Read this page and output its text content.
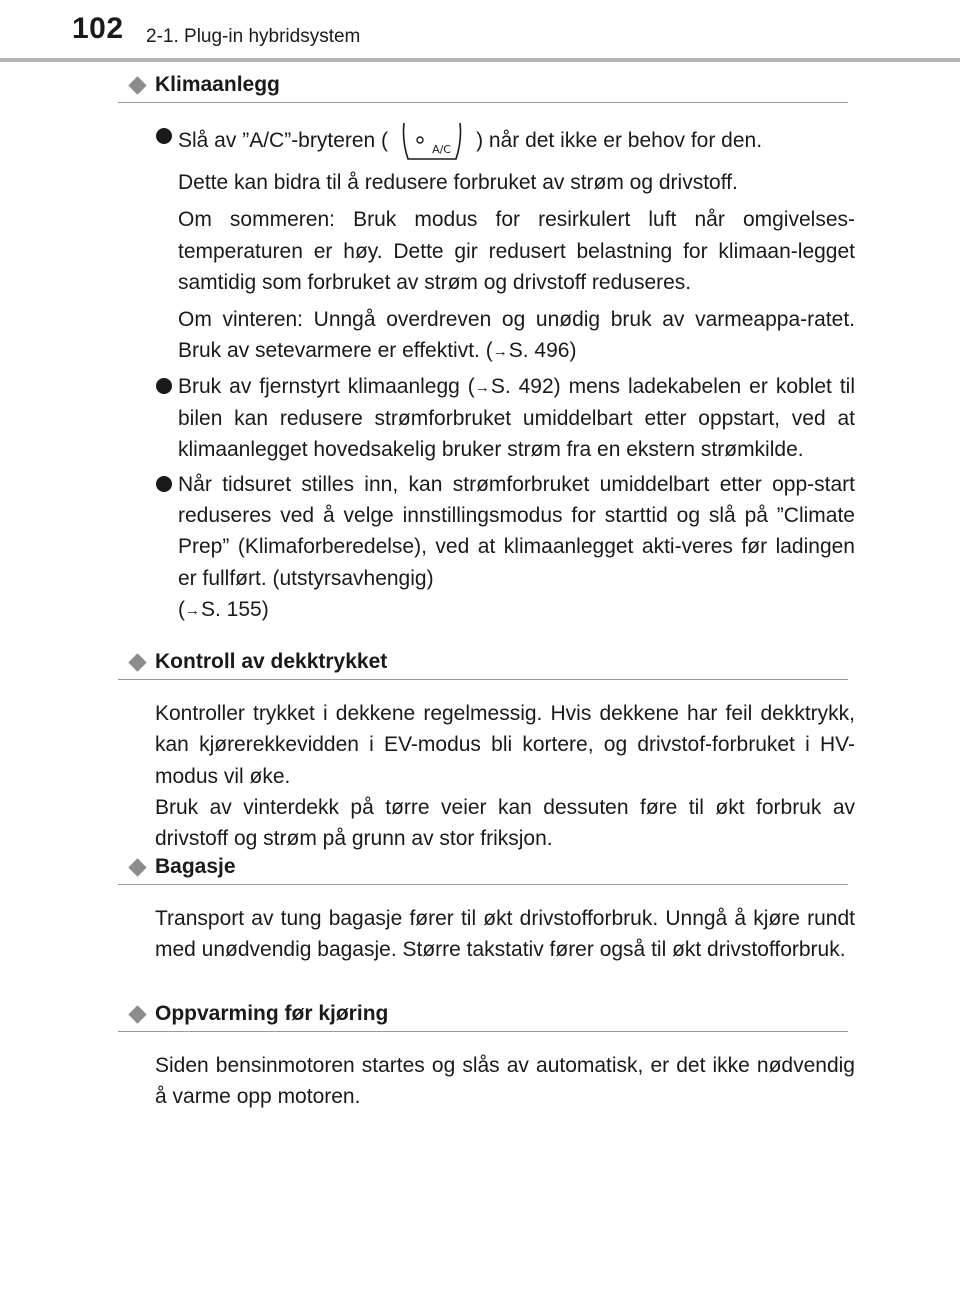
102 2-1. Plug-in hybridsystem
Klimaanlegg

Slå av ”A/C”-bryteren (	A/C ) når det ikke er behov for den.

Dette kan bidra til å redusere forbruket av strøm og drivstoff.

Om sommeren: Bruk modus for resirkulert luft når omgivelses-temperaturen er høy. Dette gir redusert belastning for klimaan-legget samtidig som forbruket av strøm og drivstoff reduseres.

Om vinteren: Unngå overdreven og unødig bruk av varmeappa-ratet. Bruk av setevarmere er effektivt. (→S. 496)

Bruk av fjernstyrt klimaanlegg (→S. 492) mens ladekabelen er koblet til bilen kan redusere strømforbruket umiddelbart etter oppstart, ved at klimaanlegget hovedsakelig bruker strøm fra en ekstern strømkilde.

Når tidsuret stilles inn, kan strømforbruket umiddelbart etter opp-start reduseres ved å velge innstillingsmodus for starttid og slå på ”Climate Prep” (Klimaforberedelse), ved at klimaanlegget akti-veres før ladingen er fullført. (utstyrsavhengig)

(→S. 155)

Kontroll av dekktrykket

Kontroller trykket i dekkene regelmessig. Hvis dekkene har feil dekktrykk, kan kjørerekkevidden i EV-modus bli kortere, og drivstof-forbruket i HV-modus vil øke.

Bruk av vinterdekk på tørre veier kan dessuten føre til økt forbruk av drivstoff og strøm på grunn av stor friksjon.

Bagasje

Transport av tung bagasje fører til økt drivstofforbruk. Unngå å kjøre rundt med unødvendig bagasje. Større takstativ fører også til økt drivstofforbruk.

Oppvarming før kjøring

Siden bensinmotoren startes og slås av automatisk, er det ikke nødvendig å varme opp motoren.
